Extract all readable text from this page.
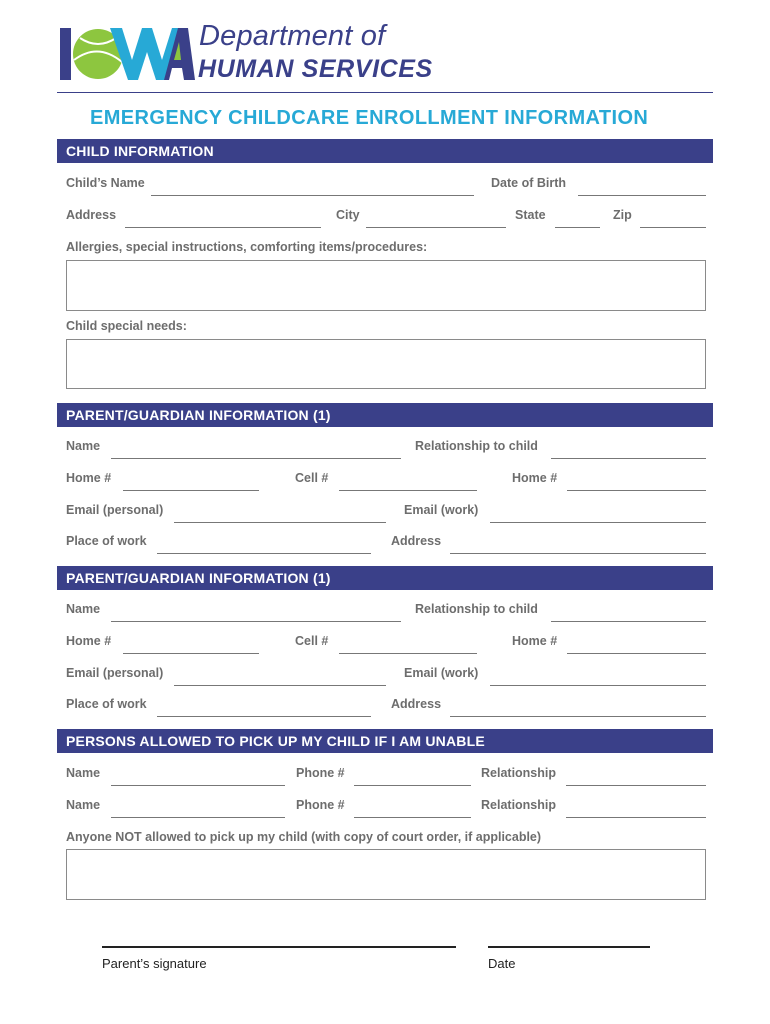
Department of
HUMAN SERVICES
EMERGENCY CHILDCARE ENROLLMENT INFORMATION
CHILD INFORMATION
Child’s Name	Date of Birth
Address	City	State	Zip
Allergies, special instructions, comforting items/procedures:
Child special needs:
PARENT/GUARDIAN INFORMATION (1)
Name	Relationship to child
Home #	Cell #	Home #
Email (personal)	Email (work)
Place of work	Address
PARENT/GUARDIAN INFORMATION (1)
Name	Relationship to child
Home #	Cell #	Home #
Email (personal)	Email (work)
Place of work	Address
PERSONS ALLOWED TO PICK UP MY CHILD IF I AM UNABLE
Name	Phone #	Relationship
Name	Phone #	Relationship
Anyone NOT allowed to pick up my child (with copy of court order, if applicable)
Parent’s signature	Date
